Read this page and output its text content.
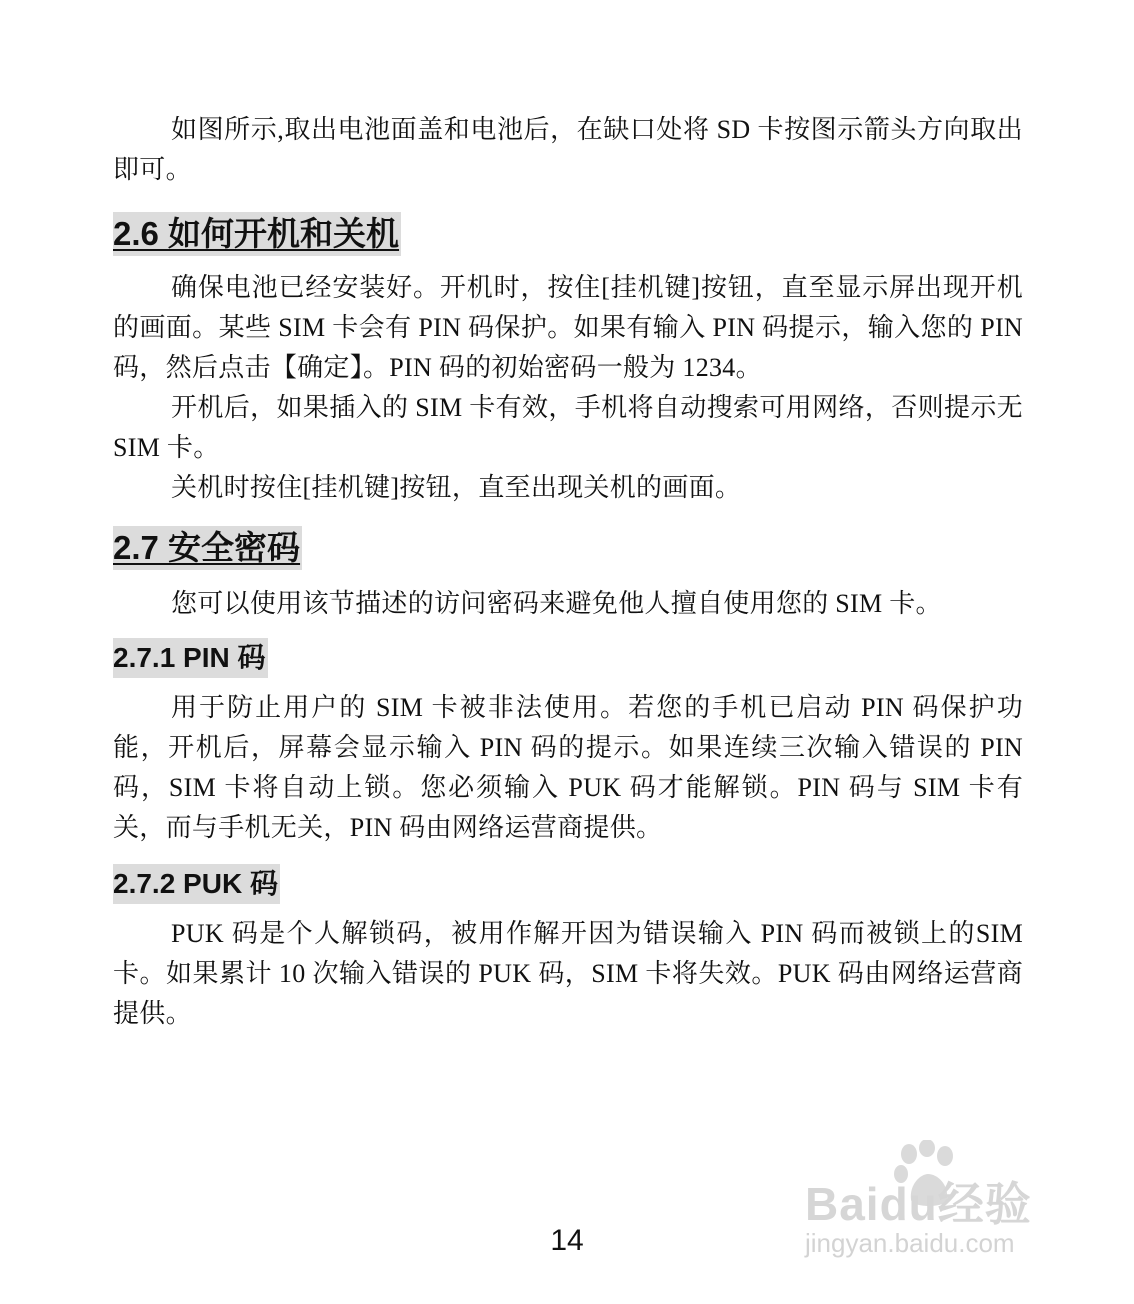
如图所示,取出电池面盖和电池后，在缺口处将 SD 卡按图示箭头方向取出即可。

2.6 如何开机和关机

确保电池已经安装好。开机时，按住[挂机键]按钮，直至显示屏出现开机的画面。某些 SIM 卡会有 PIN 码保护。如果有输入 PIN 码提示，输入您的 PIN 码，然后点击【确定】。PIN 码的初始密码一般为 1234。

开机后，如果插入的 SIM 卡有效，手机将自动搜索可用网络，否则提示无 SIM 卡。

关机时按住[挂机键]按钮，直至出现关机的画面。

2.7 安全密码

您可以使用该节描述的访问密码来避免他人擅自使用您的 SIM 卡。

2.7.1 PIN 码

用于防止用户的 SIM 卡被非法使用。若您的手机已启动 PIN 码保护功能，开机后，屏幕会显示输入 PIN 码的提示。如果连续三次输入错误的 PIN 码，SIM 卡将自动上锁。您必须输入 PUK 码才能解锁。PIN 码与 SIM 卡有关，而与手机无关，PIN 码由网络运营商提供。

2.7.2 PUK 码

PUK 码是个人解锁码，被用作解开因为错误输入 PIN 码而被锁上的SIM 卡。如果累计 10 次输入错误的 PUK 码，SIM 卡将失效。PUK 码由网络运营商提供。

Baidu经验
jingyan.baidu.com
14
